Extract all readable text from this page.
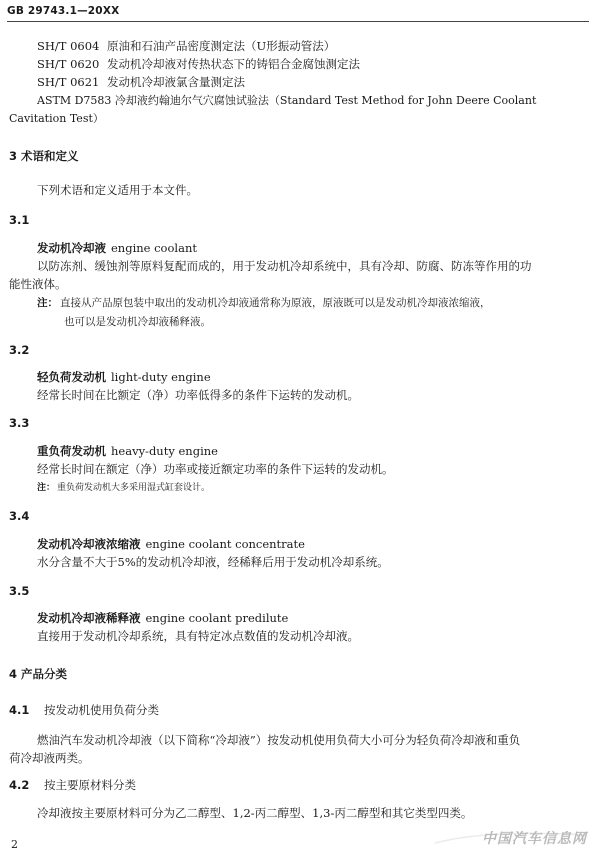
GB 29743.1—20XX
SH/T 0604 原油和石油产品密度测定法（U形振动管法）
SH/T 0620 发动机冷却液对传热状态下的铸铝合金腐蚀测定法
SH/T 0621 发动机冷却液氯含量测定法
ASTM D7583 冷却液约翰迪尔气穴腐蚀试验法（Standard Test Method for John Deere Coolant
Cavitation Test）
3 术语和定义
下列术语和定义适用于本文件。
3.1
发动机冷却液 engine coolant
以防冻剂、缓蚀剂等原料复配而成的，用于发动机冷却系统中，具有冷却、防腐、防冻等作用的功
能性液体。
注： 直接从产品原包装中取出的发动机冷却液通常称为原液，原液既可以是发动机冷却液浓缩液，
也可以是发动机冷却液稀释液。
3.2
轻负荷发动机 light-duty engine
经常长时间在比额定（净）功率低得多的条件下运转的发动机。
3.3
重负荷发动机 heavy-duty engine
经常长时间在额定（净）功率或接近额定功率的条件下运转的发动机。
注： 重负荷发动机大多采用湿式缸套设计。
3.4
发动机冷却液浓缩液 engine coolant concentrate
水分含量不大于5%的发动机冷却液，经稀释后用于发动机冷却系统。
3.5
发动机冷却液稀释液 engine coolant predilute
直接用于发动机冷却系统，具有特定冰点数值的发动机冷却液。
4 产品分类
4.1 按发动机使用负荷分类
燃油汽车发动机冷却液（以下简称“冷却液”）按发动机使用负荷大小可分为轻负荷冷却液和重负
荷冷却液两类。
4.2 按主要原材料分类
冷却液按主要原材料可分为乙二醇型、1,2-丙二醇型、1,3-丙二醇型和其它类型四类。
中国汽车信息网
2
